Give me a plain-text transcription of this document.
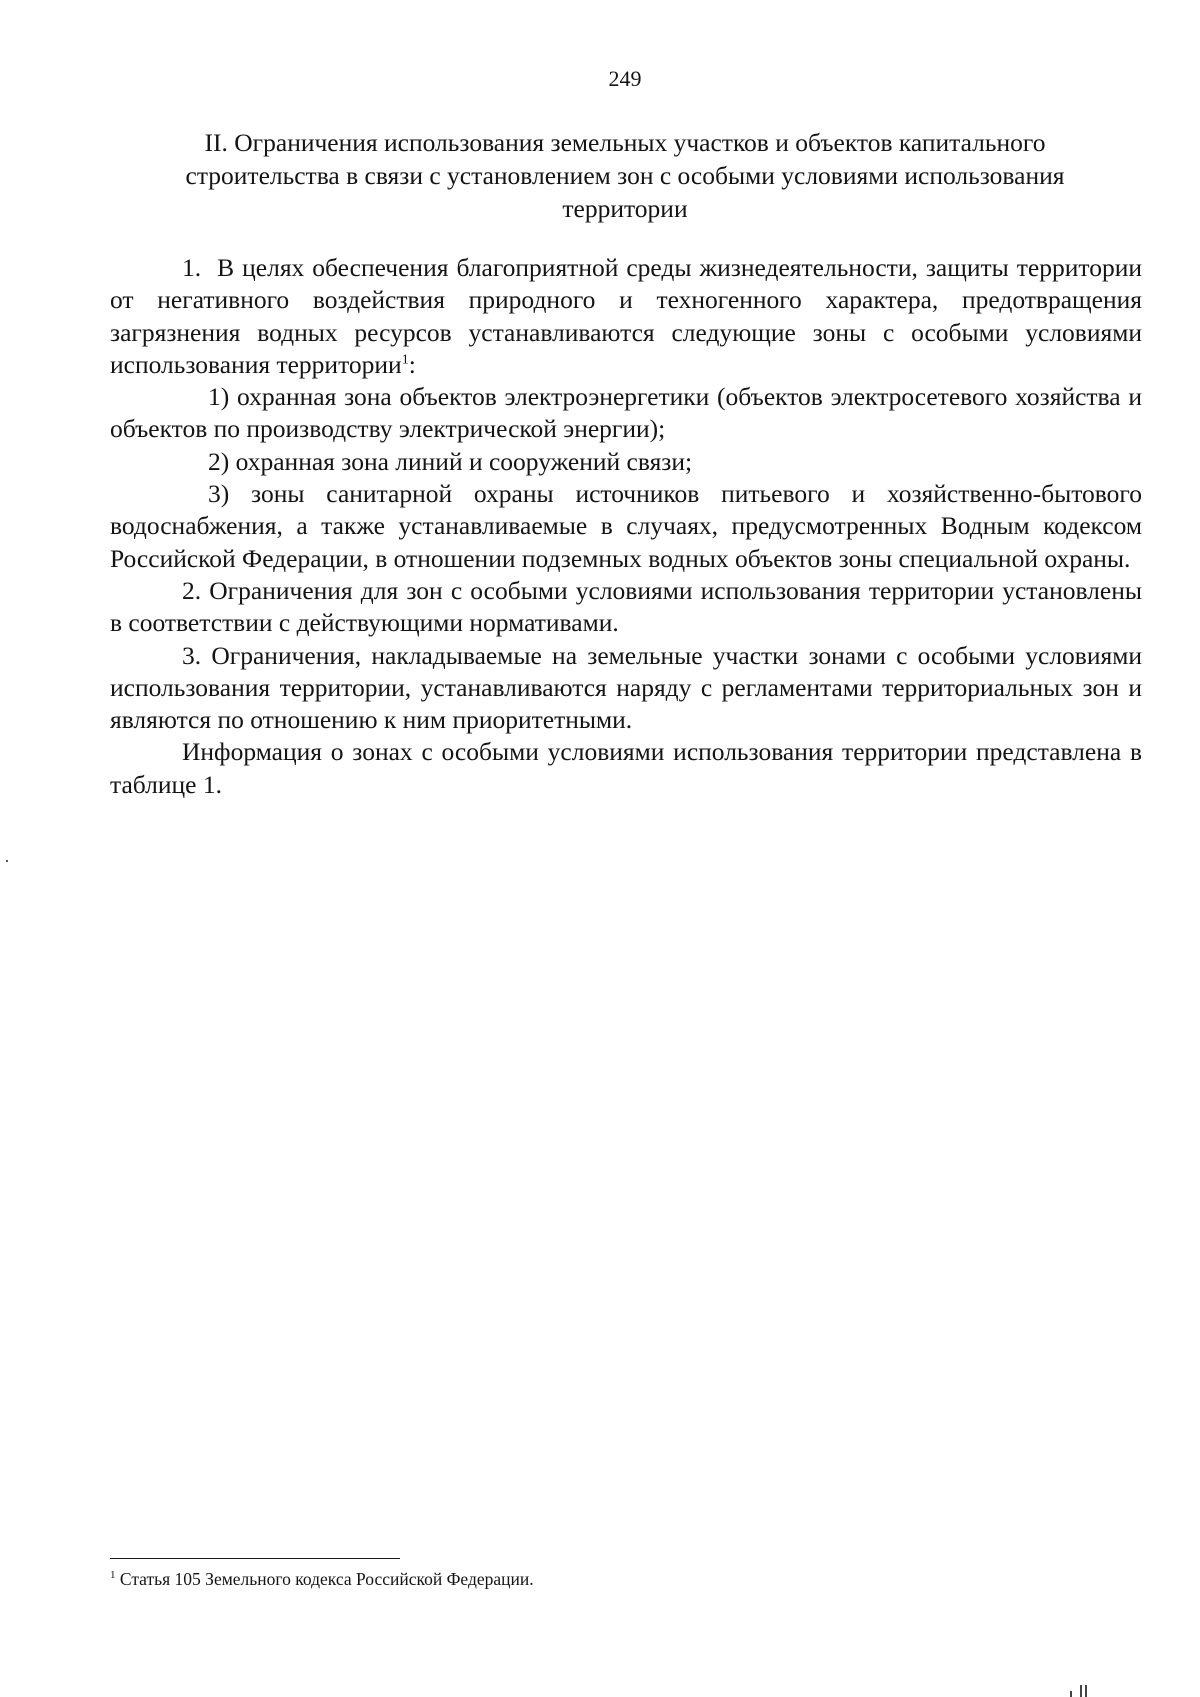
249
II. Ограничения использования земельных участков и объектов капитального
строительства в связи с установлением зон с особыми условиями использования
территории

1.  В целях обеспечения благоприятной среды жизнедеятельности, защиты территории от негативного воздействия природного и техногенного характера, предотвращения загрязнения водных ресурсов устанавливаются следующие зоны с особыми условиями использования территории$^1$:

1) охранная зона объектов электроэнергетики (объектов электросетевого хозяйства и объектов по производству электрической энергии);

2) охранная зона линий и сооружений связи;

3) зоны санитарной охраны источников питьевого и хозяйственно-бытового водоснабжения, а также устанавливаемые в случаях, предусмотренных Водным кодексом Российской Федерации, в отношении подземных водных объектов зоны специальной охраны.

2. Ограничения для зон с особыми условиями использования территории установлены в соответствии с действующими нормативами.

3. Ограничения, накладываемые на земельные участки зонами с особыми условиями использования территории, устанавливаются наряду с регламентами территориальных зон и являются по отношению к ним приоритетными.

Информация о зонах с особыми условиями использования территории представлена в таблице 1.

$^1$ Статья 105 Земельного кодекса Российской Федерации.
